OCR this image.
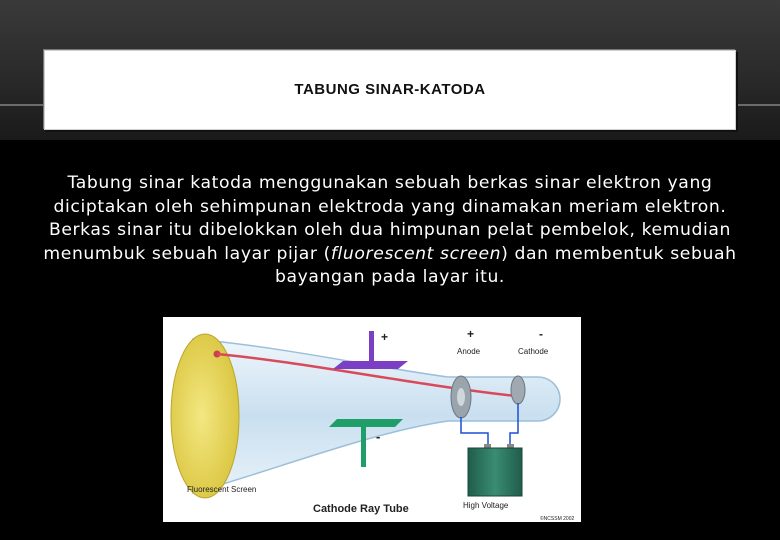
TABUNG SINAR-KATODA
Tabung sinar katoda menggunakan sebuah berkas sinar elektron yang diciptakan oleh sehimpunan elektroda yang dinamakan meriam elektron. Berkas sinar itu dibelokkan oleh dua himpunan pelat pembelok, kemudian menumbuk sebuah layar pijar (fluorescent screen) dan membentuk sebuah bayangan pada layar itu.
+
-
+
Anode
-
Cathode
High Voltage
Fluorescent Screen
Cathode Ray Tube
©NCSSM 2002
